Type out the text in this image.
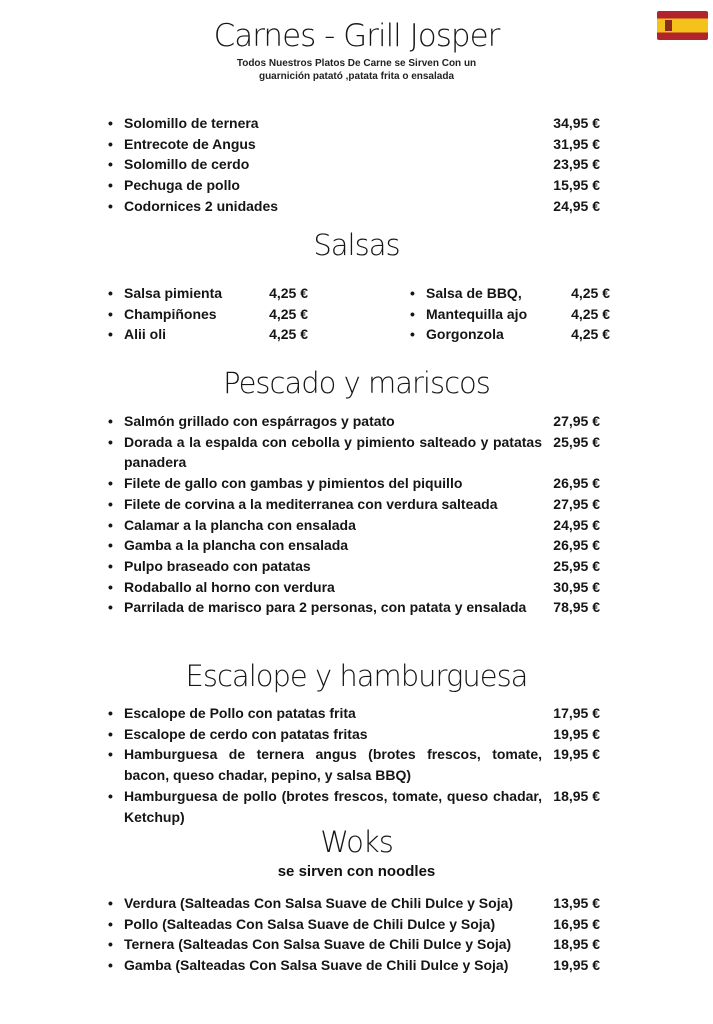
Carnes - Grill Josper
Todos Nuestros Platos De Carne se Sirven Con un
guarnición patató ,patata frita o ensalada
• Solomillo de ternera	34,95 €
• Entrecote de Angus	31,95 €
• Solomillo de cerdo	23,95 €
• Pechuga de pollo	15,95 €
• Codornices 2 unidades	24,95 €
Salsas
• Salsa pimienta	4,25 €
• Champiñones	4,25 €
• Alii oli	4,25 €
• Salsa de BBQ,	4,25 €
• Mantequilla ajo	4,25 €
• Gorgonzola	4,25 €
Pescado y mariscos
• Salmón grillado con espárragos y patato	27,95 €
• Dorada a la espalda con cebolla y pimiento salteado y patatas panadera
25,95 €
• Filete de gallo con gambas y pimientos del piquillo	26,95 €
• Filete de corvina a la mediterranea con verdura salteada	27,95 €
• Calamar a la plancha con ensalada	24,95 €
• Gamba a la plancha con ensalada	26,95 €
• Pulpo braseado con patatas	25,95 €
• Rodaballo al horno con verdura	30,95 €
• Parrilada de marisco para 2 personas, con patata y ensalada	78,95 €
Escalope y hamburguesa
• Escalope de Pollo con patatas frita	17,95 €
• Escalope de cerdo con patatas fritas	19,95 €
• Hamburguesa de ternera angus (brotes frescos, tomate, bacon, queso chadar, pepino, y salsa BBQ)
19,95 €
• Hamburguesa de pollo (brotes frescos, tomate, queso chadar, Ketchup)
18,95 €
Woks
se sirven con noodles
• Verdura (Salteadas Con Salsa Suave de Chili Dulce y Soja)	13,95 €
• Pollo (Salteadas Con Salsa Suave de Chili Dulce y Soja)	16,95 €
• Ternera (Salteadas Con Salsa Suave de Chili Dulce y Soja)	18,95 €
• Gamba (Salteadas Con Salsa Suave de Chili Dulce y Soja)	19,95 €
